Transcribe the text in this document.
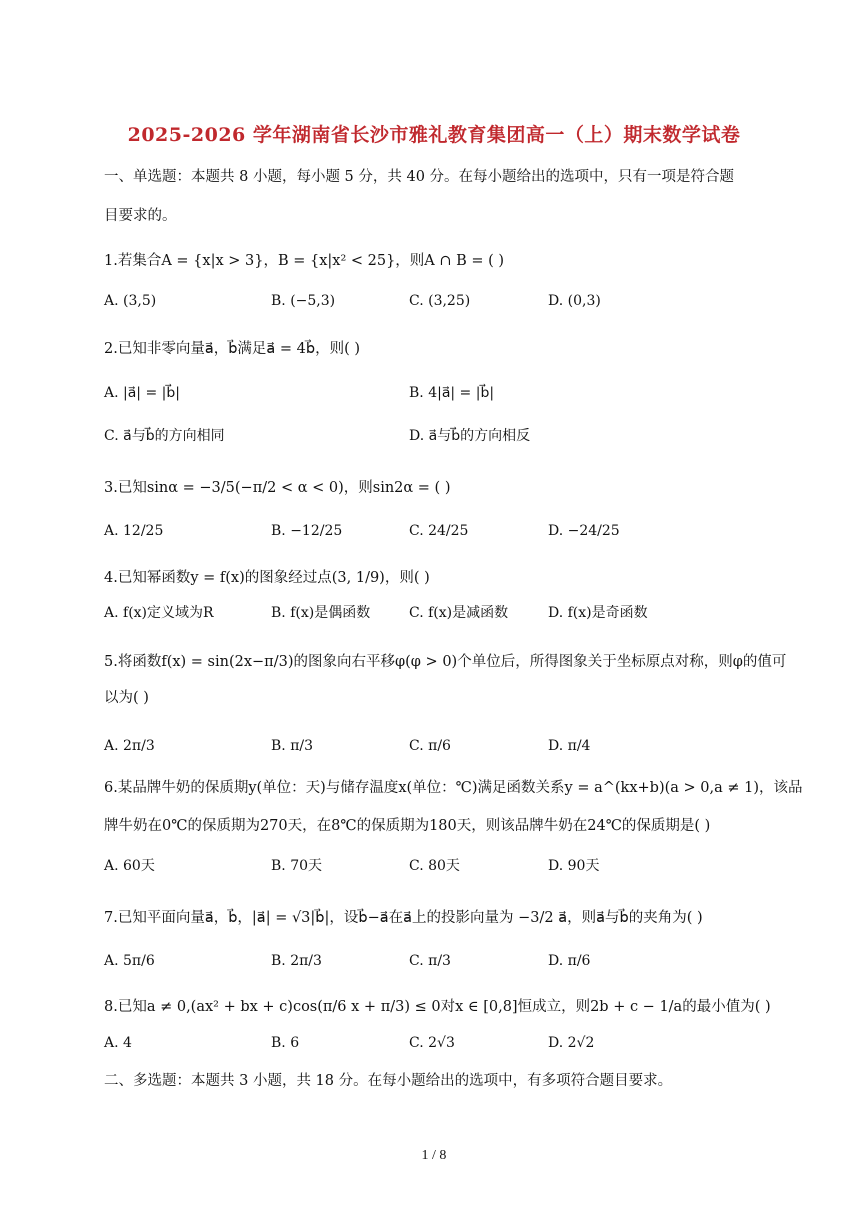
2025-2026 学年湖南省长沙市雅礼教育集团高一（上）期末数学试卷
一、单选题：本题共 8 小题，每小题 5 分，共 40 分。在每小题给出的选项中，只有一项是符合题
目要求的。
1.若集合A = {x|x > 3}，B = {x|x² < 25}，则A ∩ B = ( )
A. (3,5)	B. (−5,3)	C. (3,25)	D. (0,3)
2.已知非零向量a⃗，b⃗满足a⃗ = 4b⃗，则( )
A. |a⃗| = |b⃗|	B. 4|a⃗| = |b⃗|
C. a⃗与b⃗的方向相同	D. a⃗与b⃗的方向相反
3.已知sinα = −3/5(−π/2 < α < 0)，则sin2α = ( )
A. 12/25	B. −12/25	C. 24/25	D. −24/25
4.已知幂函数y = f(x)的图象经过点(3, 1/9)，则( )
A. f(x)定义域为R	B. f(x)是偶函数	C. f(x)是减函数	D. f(x)是奇函数
5.将函数f(x) = sin(2x−π/3)的图象向右平移φ(φ > 0)个单位后，所得图象关于坐标原点对称，则φ的值可
以为( )
A. 2π/3	B. π/3	C. π/6	D. π/4
6.某品牌牛奶的保质期y(单位：天)与储存温度x(单位：℃)满足函数关系y = a^(kx+b)(a > 0,a ≠ 1)，该品
牌牛奶在0℃的保质期为270天，在8℃的保质期为180天，则该品牌牛奶在24℃的保质期是( )
A. 60天	B. 70天	C. 80天	D. 90天
7.已知平面向量a⃗，b⃗，|a⃗| = √3|b⃗|，设b⃗−a⃗在a⃗上的投影向量为 −3/2 a⃗，则a⃗与b⃗的夹角为( )
A. 5π/6	B. 2π/3	C. π/3	D. π/6
8.已知a ≠ 0,(ax² + bx + c)cos(π/6 x + π/3) ≤ 0对x ∈ [0,8]恒成立，则2b + c − 1/a的最小值为( )
A. 4	B. 6	C. 2√3	D. 2√2
二、多选题：本题共 3 小题，共 18 分。在每小题给出的选项中，有多项符合题目要求。
1 / 8
